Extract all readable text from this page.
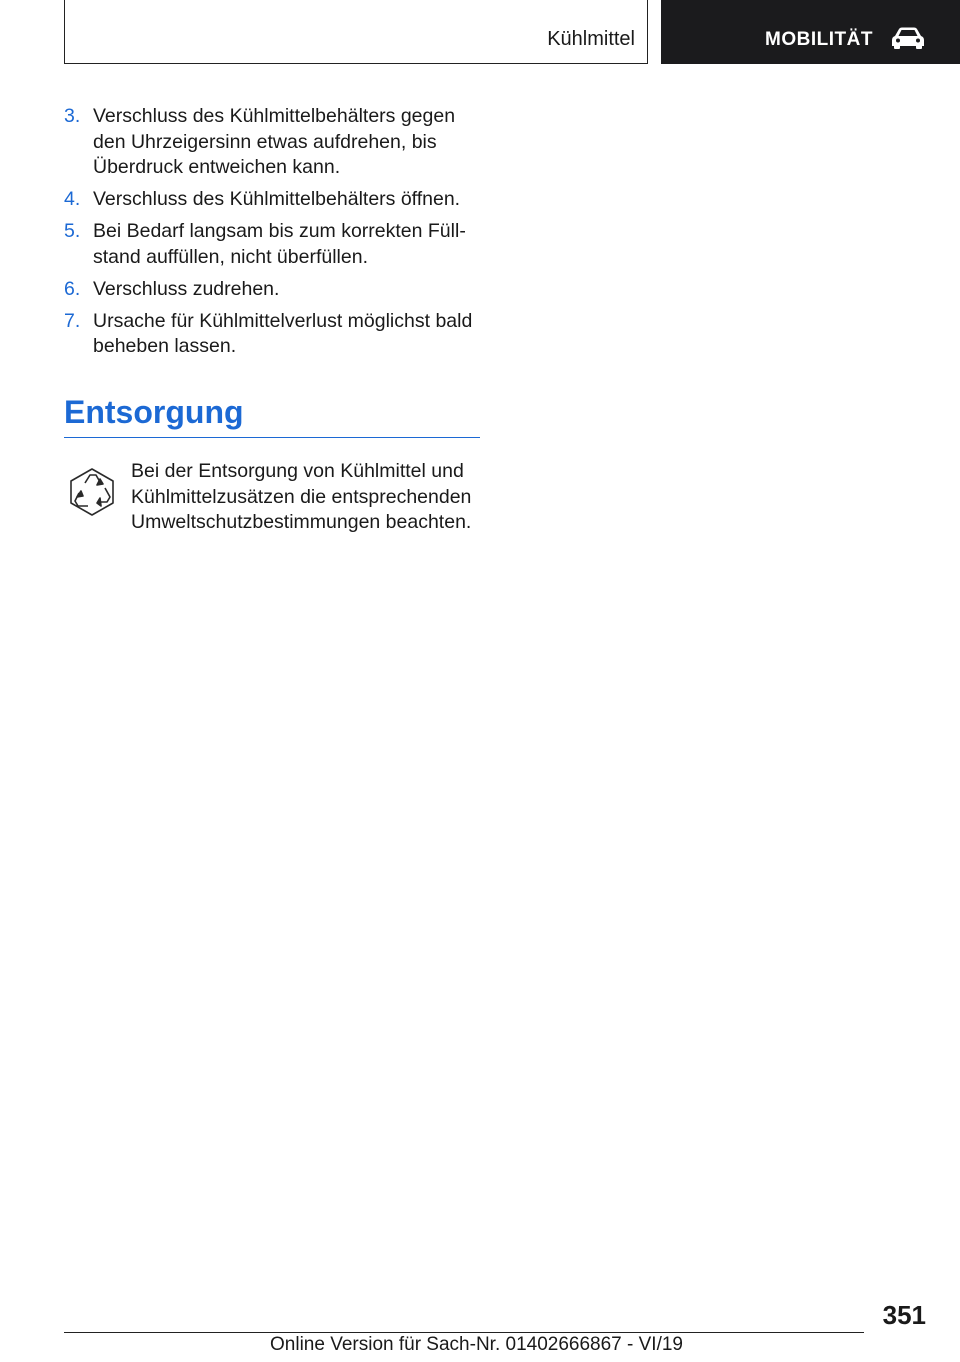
Kühlmittel	MOBILITÄT
3. Verschluss des Kühlmittelbehälters gegen den Uhrzeigersinn etwas aufdrehen, bis Überdruck entweichen kann.
4. Verschluss des Kühlmittelbehälters öffnen.
5. Bei Bedarf langsam bis zum korrekten Füllstand auffüllen, nicht überfüllen.
6. Verschluss zudrehen.
7. Ursache für Kühlmittelverlust möglichst bald beheben lassen.
Entsorgung
Bei der Entsorgung von Kühlmittel und Kühlmittelzusätzen die entsprechenden Umweltschutzbestimmungen beachten.
351
Online Version für Sach-Nr. 01402666867 - VI/19
